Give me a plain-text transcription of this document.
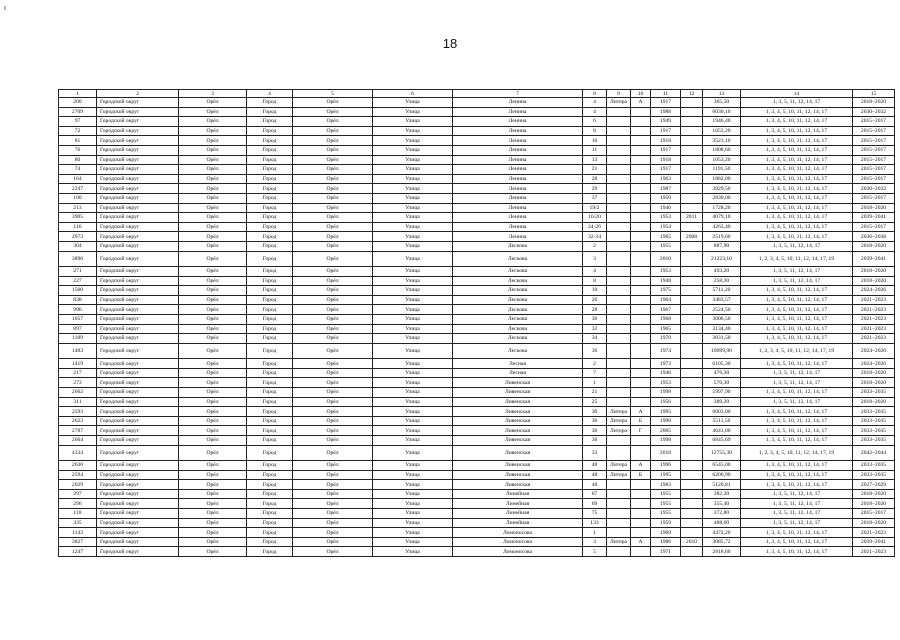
I
18
1	2	3	4	5	6	7	8	9	10	11	12	13	14	15
200	Городской округ	Орёл	Город	Орёл	Улица	Ленина	4	Литера	А	1917		365,50	1, 3, 5, 11, 12, 14, 17	2018–2020
2709	Городской округ	Орёл	Город	Орёл	Улица	Ленина	4			1988		6030,10	1, 3, 4, 5, 10, 11, 12, 14, 17	2030–2032
97	Городской округ	Орёл	Город	Орёл	Улица	Ленина	6			1949		1946,40	1, 3, 4, 5, 10, 11, 12, 14, 17	2015–2017
72	Городской округ	Орёл	Город	Орёл	Улица	Ленина	8			1917		1053,20	1, 3, 4, 5, 10, 11, 12, 14, 17	2015–2017
81	Городской округ	Орёл	Город	Орёл	Улица	Ленина	10			1918		3523,10	1, 3, 4, 5, 10, 11, 12, 14, 17	2015–2017
76	Городской округ	Орёл	Город	Орёл	Улица	Ленина	11			1917		1808,60	1, 3, 4, 5, 10, 11, 12, 14, 17	2015–2017
80	Городской округ	Орёл	Город	Орёл	Улица	Ленина	13			1918		1053,20	1, 3, 4, 5, 10, 11, 12, 14, 17	2015–2017
74	Городской округ	Орёл	Город	Орёл	Улица	Ленина	21			1917		1191,50	1, 3, 4, 5, 10, 11, 12, 14, 17	2015–2017
164	Городской округ	Орёл	Город	Орёл	Улица	Ленина	28			1963		1882,00	1, 3, 4, 5, 10, 11, 12, 14, 17	2015–2017
2247	Городской округ	Орёл	Город	Орёл	Улица	Ленина	29			1987		3929,50	1, 3, 4, 5, 10, 11, 12, 14, 17	2030–2032
100	Городской округ	Орёл	Город	Орёл	Улица	Ленина	37			1950		2830,00	1, 3, 4, 5, 10, 11, 12, 14, 17	2015–2017
213	Городской округ	Орёл	Город	Орёл	Улица	Ленина	19/2			1940		1728,20	1, 3, 4, 5, 10, 11, 12, 14, 17	2018–2020
3905	Городской округ	Орёл	Город	Орёл	Улица	Ленина	16/20			1953	2011	4079,10	1, 3, 4, 5, 10, 11, 12, 14, 17	2039–2041
116	Городской округ	Орёл	Город	Орёл	Улица	Ленина	24-26			1954		4263,40	1, 3, 4, 5, 10, 11, 12, 14, 17	2015–2017
2973	Городской округ	Орёл	Город	Орёл	Улица	Ленина	32-34			1965	2008	2519,60	1, 3, 4, 5, 10, 11, 12, 14, 17	2036–2038
304	Городской округ	Орёл	Город	Орёл	Улица	Лескова	2			1955		887,90	1, 3, 5, 11, 12, 14, 17	2018–2020
3896	Городской округ	Орёл	Город	Орёл	Улица	Лескова	3			2010		21223,10	1, 2, 3, 4, 5, 10, 11, 12, 14, 17, 19	2039–2041
271	Городской округ	Орёл	Город	Орёл	Улица	Лескова	4			1953		493,20	1, 3, 5, 11, 12, 14, 17	2018–2020
227	Городской округ	Орёл	Город	Орёл	Улица	Лескова	8			1948		258,30	1, 3, 5, 11, 12, 14, 17	2018–2020
1560	Городской округ	Орёл	Город	Орёл	Улица	Лескова	10			1975		5711,20	1, 3, 4, 5, 10, 11, 12, 14, 17	2024–2026
838	Городской округ	Орёл	Город	Орёл	Улица	Лескова	26			1964		3483,57	1, 3, 4, 5, 10, 11, 12, 14, 17	2021–2023
996	Городской округ	Орёл	Город	Орёл	Улица	Лескова	28			1967		2524,50	1, 3, 4, 5, 10, 11, 12, 14, 17	2021–2023
1057	Городской округ	Орёл	Город	Орёл	Улица	Лескова	30			1968		3006,50	1, 3, 4, 5, 10, 11, 12, 14, 17	2021–2023
897	Городской округ	Орёл	Город	Орёл	Улица	Лескова	32			1965		3134,40	1, 3, 4, 5, 10, 11, 12, 14, 17	2021–2023
1189	Городской округ	Орёл	Город	Орёл	Улица	Лескова	34			1970		3031,50	1, 3, 4, 5, 10, 11, 12, 14, 17	2021–2023
1483	Городской округ	Орёл	Город	Орёл	Улица	Лескова	36			1974		10099,90	1, 2, 3, 4, 5, 10, 11, 12, 14, 17, 19	2024–2026
1419	Городской округ	Орёл	Город	Орёл	Улица	Лесная	2			1973		6105,30	1, 3, 4, 5, 10, 11, 12, 14, 17	2024–2026
217	Городской округ	Орёл	Город	Орёл	Улица	Лесная	7			1946		476,30	1, 3, 5, 11, 12, 14, 17	2018–2020
273	Городской округ	Орёл	Город	Орёл	Улица	Ливенская	1			1953		570,30	1, 3, 5, 11, 12, 14, 17	2018–2020
2662	Городской округ	Орёл	Город	Орёл	Улица	Ливенская	21			1998		5997,90	1, 3, 4, 5, 10, 11, 12, 14, 17	2033–2035
311	Городской округ	Орёл	Город	Орёл	Улица	Ливенская	25			1956		389,20	1, 3, 5, 11, 12, 14, 17	2018–2020
2593	Городской округ	Орёл	Город	Орёл	Улица	Ливенская	30	Литера	А	1995		6003,00	1, 3, 4, 5, 10, 11, 12, 14, 17	2033–2035
2623	Городской округ	Орёл	Город	Орёл	Улица	Ливенская	30	Литера	Б	1996		5511,50	1, 3, 4, 5, 10, 11, 12, 14, 17	2033–2035
2787	Городской округ	Орёл	Город	Орёл	Улица	Ливенская	30	Литера	Г	2005		4641,00	1, 3, 4, 5, 10, 11, 12, 14, 17	2033–2035
2664	Городской округ	Орёл	Город	Орёл	Улица	Ливенская	30			1998		6845,69	1, 3, 4, 5, 10, 11, 12, 14, 17	2033–2035
4334	Городской округ	Орёл	Город	Орёл	Улица	Ливенская	33			2018		12755,30	1, 2, 3, 4, 5, 10, 11, 12, 14, 17, 19	2042–2044
2630	Городской округ	Орёл	Город	Орёл	Улица	Ливенская	48	Литера	А	1996		6545,00	1, 3, 4, 5, 10, 11, 12, 14, 17	2033–2035
2594	Городской округ	Орёл	Город	Орёл	Улица	Ливенская	48	Литера	Б	1995		6206,90	1, 3, 4, 5, 10, 11, 12, 14, 17	2033–2035
2029	Городской округ	Орёл	Город	Орёл	Улица	Ливенская	48			1983		5120,81	1, 3, 4, 5, 10, 11, 12, 14, 17	2027–2029
297	Городской округ	Орёл	Город	Орёл	Улица	Линейная	67			1955		382,30	1, 3, 5, 11, 12, 14, 17	2018–2020
296	Городской округ	Орёл	Город	Орёл	Улица	Линейная	69			1955		355,40	1, 3, 5, 11, 12, 14, 17	2018–2020
118	Городской округ	Орёл	Город	Орёл	Улица	Линейная	75			1955		372,80	1, 3, 5, 11, 12, 14, 17	2015–2017
435	Городской округ	Орёл	Город	Орёл	Улица	Линейная	133			1959		488,00	1, 3, 5, 11, 12, 14, 17	2018–2020
1143	Городской округ	Орёл	Город	Орёл	Улица	Ломоносова	1			1969		4472,20	1, 3, 4, 5, 10, 11, 12, 14, 17	2021–2023
3827	Городской округ	Орёл	Город	Орёл	Улица	Ломоносова	3	Литера	А	1986	2010	3085,72	1, 3, 4, 5, 10, 11, 12, 14, 17	2039–2041
1247	Городской округ	Орёл	Город	Орёл	Улица	Ломоносова	5			1971		2818,60	1, 3, 4, 5, 10, 11, 12, 14, 17	2021–2023
